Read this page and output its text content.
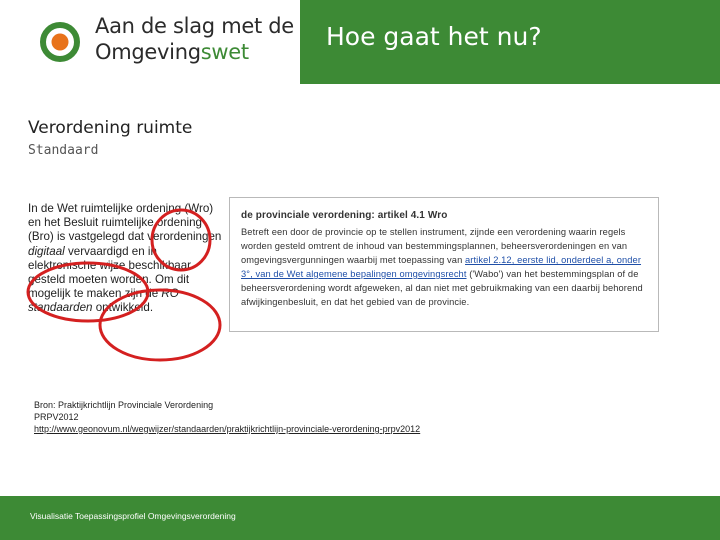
Aan de slag met de
Omgevingswet
Hoe gaat het nu?
Verordening ruimte
Standaard
In de Wet ruimtelijke ordening (Wro) en het Besluit ruimtelijke ordening (Bro) is vastgelegd dat verordeningen digitaal vervaardigd en in elektronische wijze beschikbaar gesteld moeten worden. Om dit mogelijk te maken zijn de RO standaarden ontwikkeld.
de provinciale verordening: artikel 4.1 Wro
Betreft een door de provincie op te stellen instrument, zijnde een verordening waarin regels worden gesteld omtrent de inhoud van bestemmingsplannen, beheersverordeningen en van omgevingsvergunningen waarbij met toepassing van artikel 2.12, eerste lid, onderdeel a, onder 3°, van de Wet algemene bepalingen omgevingsrecht ('Wabo') van het bestemmingsplan of de beheersverordening wordt afgeweken, al dan niet met gebruikmaking van een daarbij behorend afwijkingenbesluit, en dat het gebied van de provincie.
Bron: Praktijkrichtlijn Provinciale Verordening
PRPV2012
http://www.geonovum.nl/wegwijzer/standaarden/praktijkrichtlijn-provinciale-verordening-prpv2012
Visualisatie Toepassingsprofiel Omgevingsverordening
